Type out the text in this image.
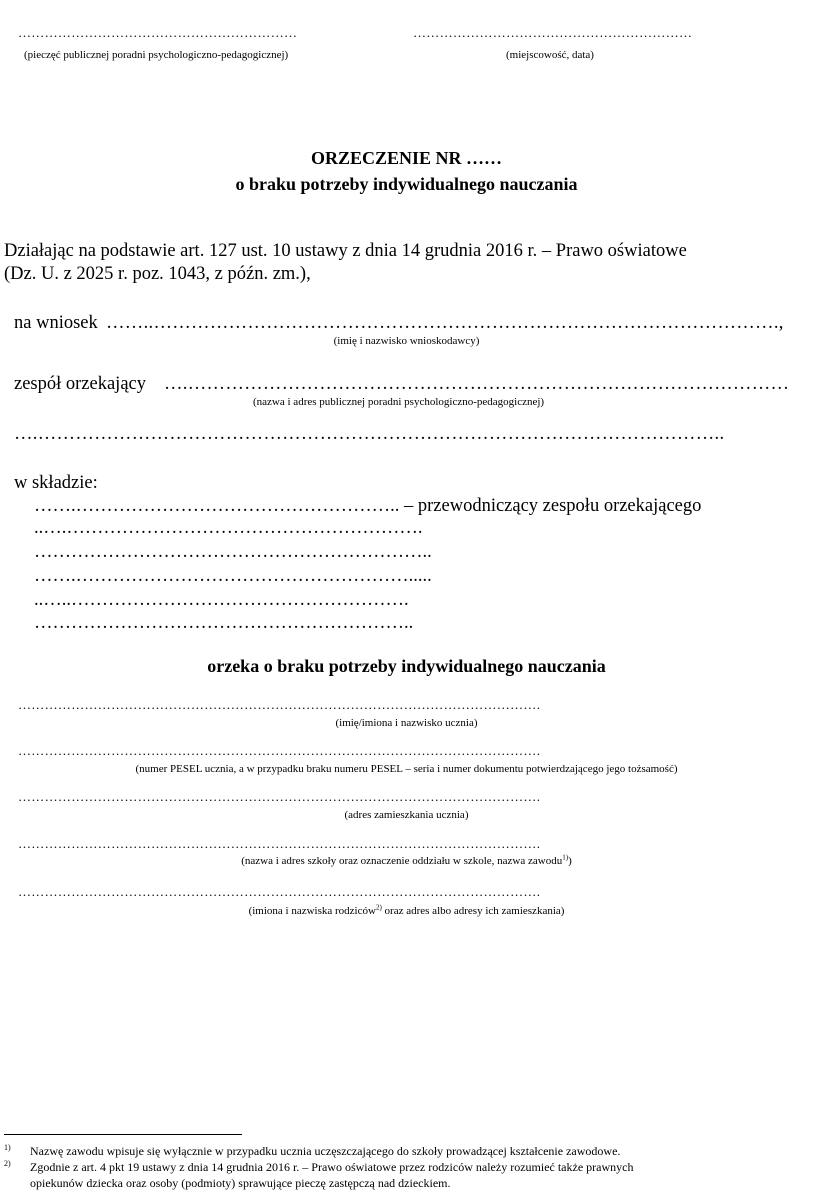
………………………………………………………
(pieczęć publicznej poradni psychologiczno-pedagogicznej)
………………………………………………………
(miejscowość, data)
ORZECZENIE NR ……
o braku potrzeby indywidualnego nauczania
Działając na podstawie art. 127 ust. 10 ustawy z dnia 14 grudnia 2016 r. – Prawo oświatowe
(Dz. U. z 2025 r. poz. 1043, z późn. zm.),
na wniosek ……..……………………………………………………………………………………….,
(imię i nazwisko wnioskodawcy)
zespół orzekający ….……………………………………………………………………………………
(nazwa i adres publicznej poradni psychologiczno-pedagogicznej)
….………………………………………………………………………………………………..
w składzie:
…….…………………………………………….. – przewodniczący zespołu orzekającego
..….………………………………………………….
………………………………………………………..
…….……………………………………………….....
..…..……………………………………………….
……………………………………………………..
orzeka o braku potrzeby indywidualnego nauczania
……………………………………………………………………………………………………….
(imię/imiona i nazwisko ucznia)
……………………………………………………………………………………………………….
(numer PESEL ucznia, a w przypadku braku numeru PESEL – seria i numer dokumentu potwierdzającego jego tożsamość)
……………………………………………………………………………………………………….
(adres zamieszkania ucznia)
……………………………………………………………………………………………………….
(nazwa i adres szkoły oraz oznaczenie oddziału w szkole, nazwa zawodu$^{1)}$)
……………………………………………………………………………………………………….
(imiona i nazwiska rodziców$^{2)}$ oraz adres albo adresy ich zamieszkania)
1) Nazwę zawodu wpisuje się wyłącznie w przypadku ucznia uczęszczającego do szkoły prowadzącej kształcenie zawodowe.
2) Zgodnie z art. 4 pkt 19 ustawy z dnia 14 grudnia 2016 r. – Prawo oświatowe przez rodziców należy rozumieć także prawnych
opiekunów dziecka oraz osoby (podmioty) sprawujące pieczę zastępczą nad dzieckiem.
